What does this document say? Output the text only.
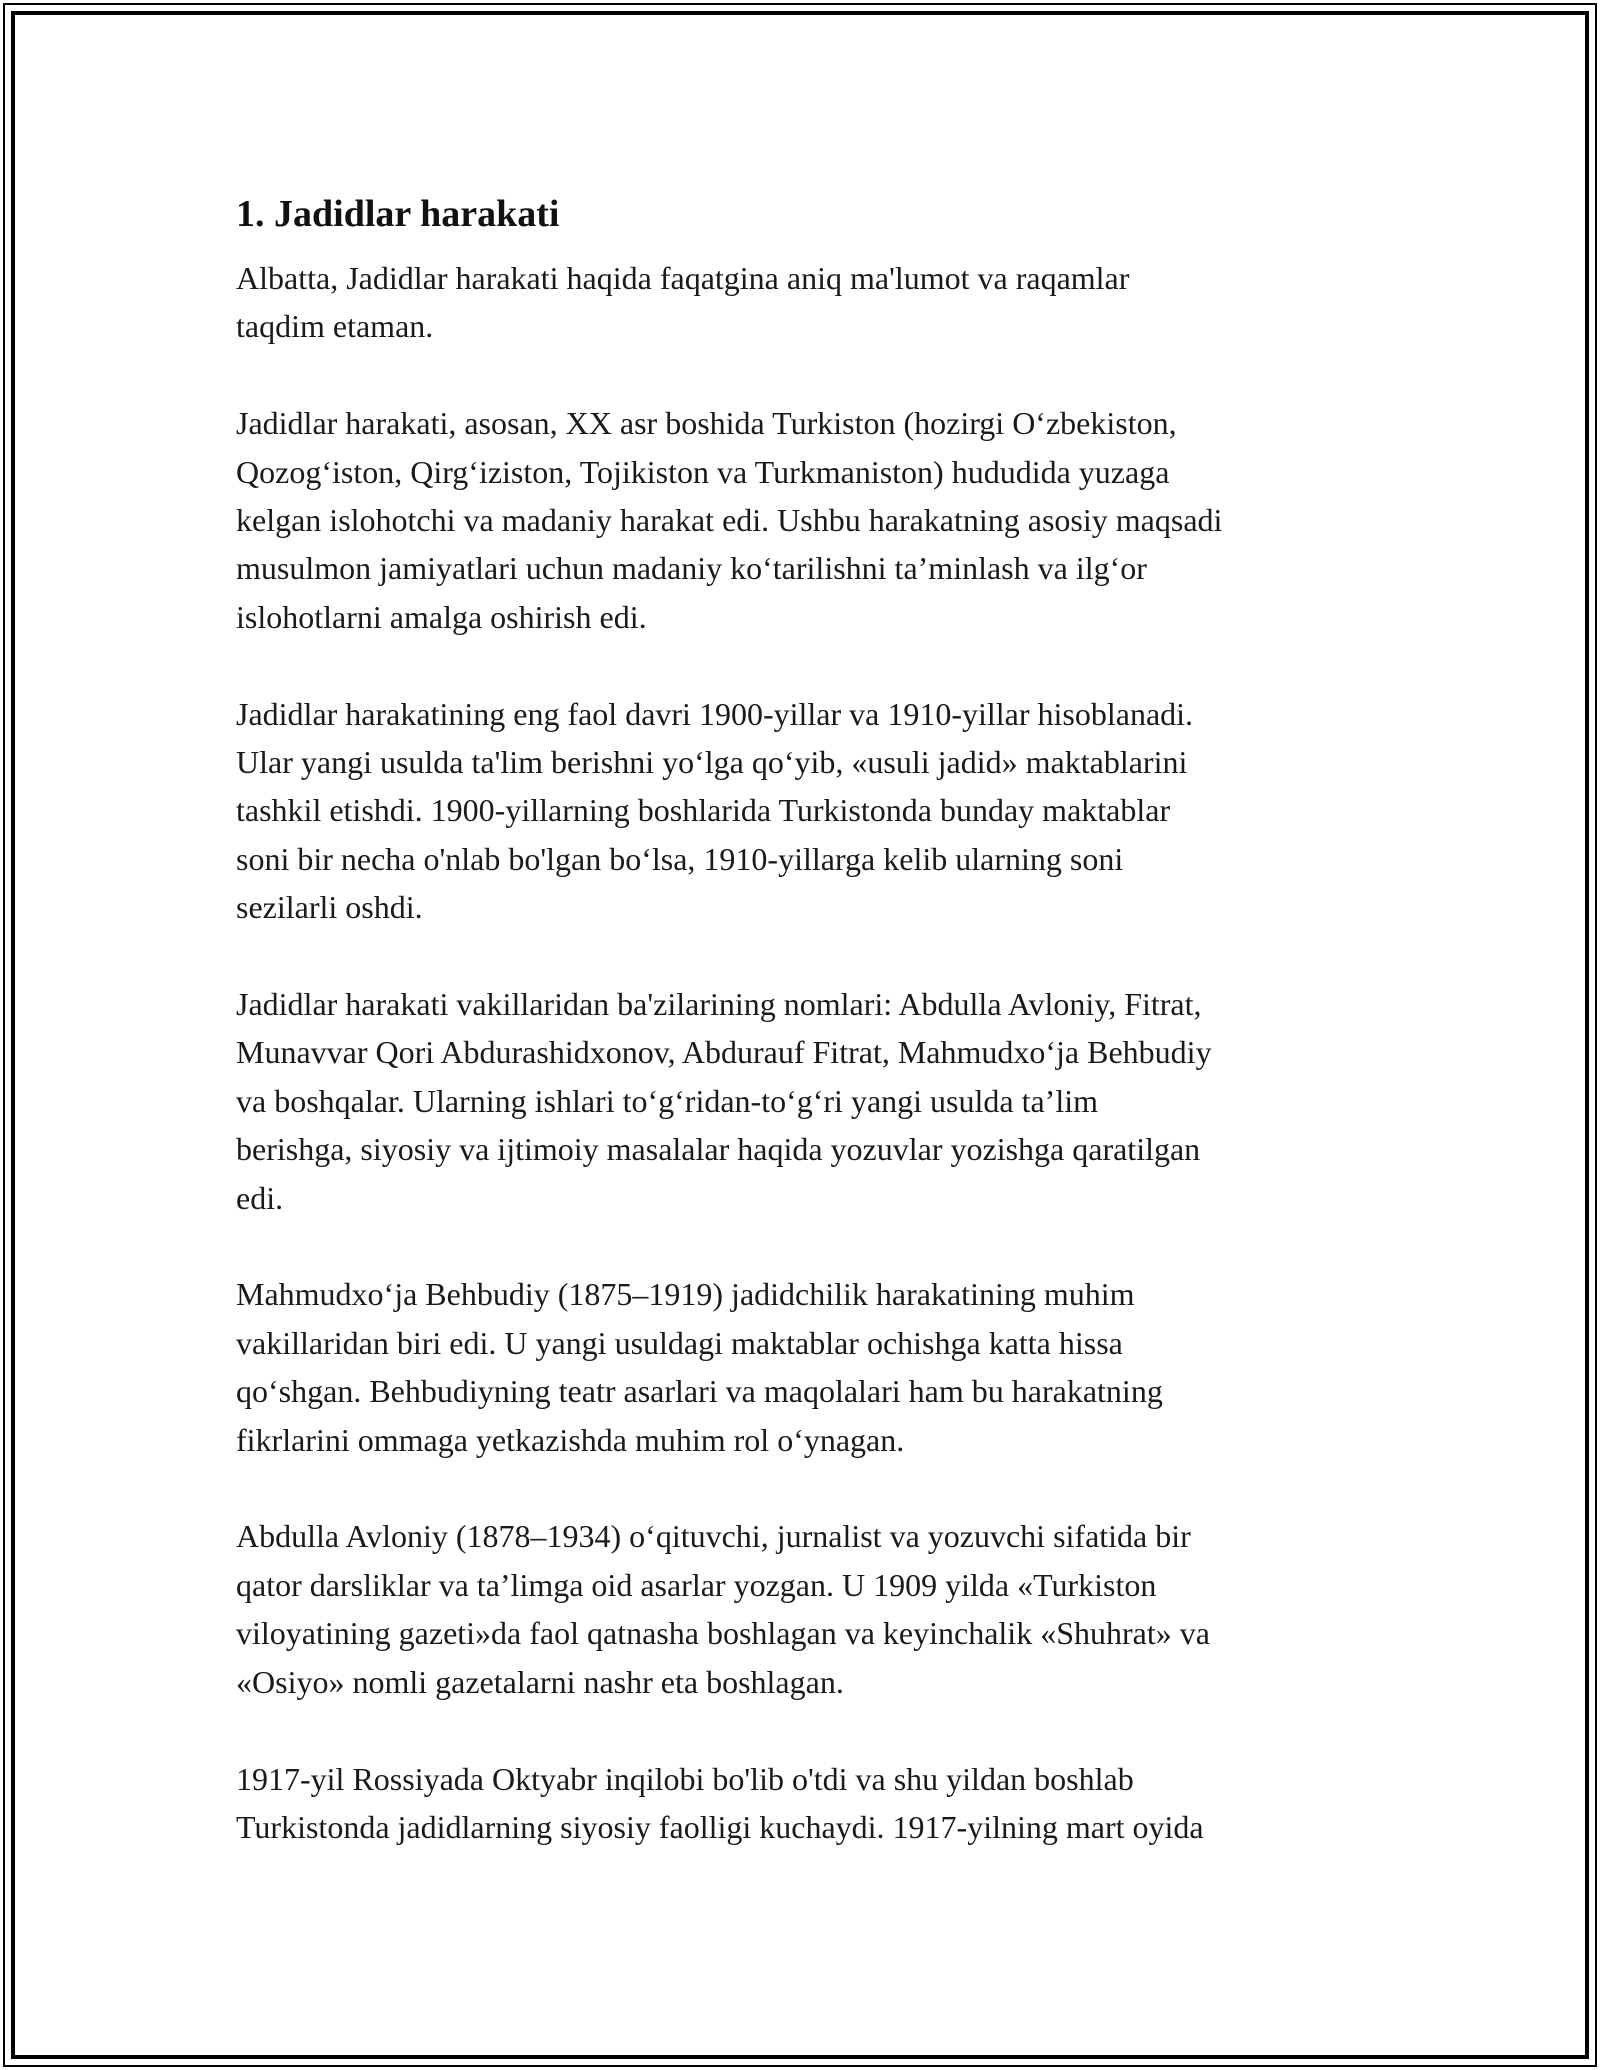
1. Jadidlar harakati

Albatta, Jadidlar harakati haqida faqatgina aniq ma'lumot va raqamlar
taqdim etaman.

Jadidlar harakati, asosan, XX asr boshida Turkiston (hozirgi O‘zbekiston,
Qozog‘iston, Qirg‘iziston, Tojikiston va Turkmaniston) hududida yuzaga
kelgan islohotchi va madaniy harakat edi. Ushbu harakatning asosiy maqsadi
musulmon jamiyatlari uchun madaniy ko‘tarilishni ta’minlash va ilg‘or
islohotlarni amalga oshirish edi.

Jadidlar harakatining eng faol davri 1900-yillar va 1910-yillar hisoblanadi.
Ular yangi usulda ta'lim berishni yo‘lga qo‘yib, «usuli jadid» maktablarini
tashkil etishdi. 1900-yillarning boshlarida Turkistonda bunday maktablar
soni bir necha o'nlab bo'lgan bo‘lsa, 1910-yillarga kelib ularning soni
sezilarli oshdi.

Jadidlar harakati vakillaridan ba'zilarining nomlari: Abdulla Avloniy, Fitrat,
Munavvar Qori Abdurashidxonov, Abdurauf Fitrat, Mahmudxo‘ja Behbudiy
va boshqalar. Ularning ishlari to‘g‘ridan-to‘g‘ri yangi usulda ta’lim
berishga, siyosiy va ijtimoiy masalalar haqida yozuvlar yozishga qaratilgan
edi.

Mahmudxo‘ja Behbudiy (1875–1919) jadidchilik harakatining muhim
vakillaridan biri edi. U yangi usuldagi maktablar ochishga katta hissa
qo‘shgan. Behbudiyning teatr asarlari va maqolalari ham bu harakatning
fikrlarini ommaga yetkazishda muhim rol o‘ynagan.

Abdulla Avloniy (1878–1934) o‘qituvchi, jurnalist va yozuvchi sifatida bir
qator darsliklar va ta’limga oid asarlar yozgan. U 1909 yilda «Turkiston
viloyatining gazeti»da faol qatnasha boshlagan va keyinchalik «Shuhrat» va
«Osiyo» nomli gazetalarni nashr eta boshlagan.

1917-yil Rossiyada Oktyabr inqilobi bo'lib o'tdi va shu yildan boshlab
Turkistonda jadidlarning siyosiy faolligi kuchaydi. 1917-yilning mart oyida
